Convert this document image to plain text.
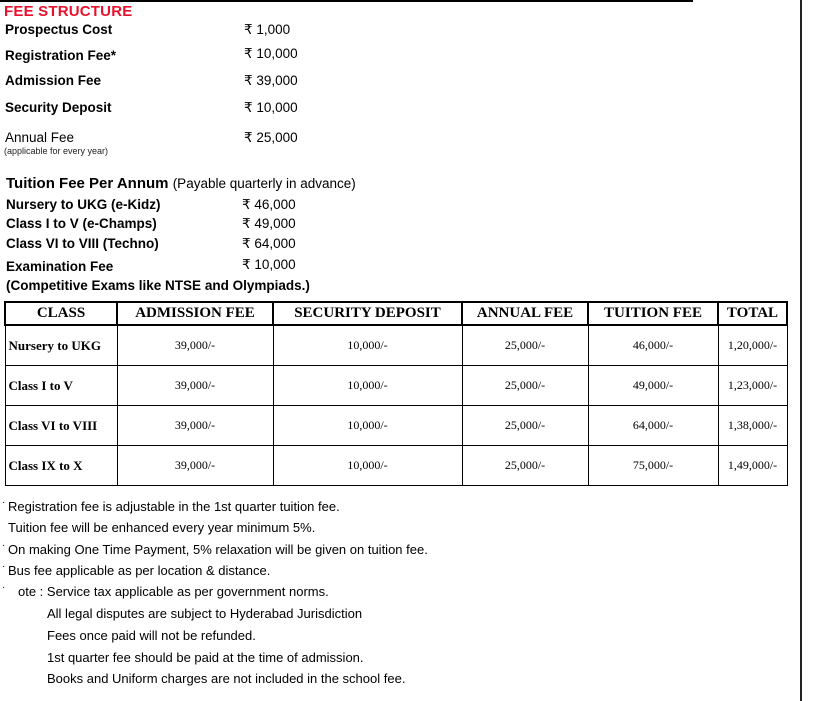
FEE STRUCTURE
Prospectus Cost	₹ 1,000
Registration Fee*	₹ 10,000
Admission Fee	₹ 39,000
Security Deposit	₹ 10,000
Annual Fee	₹ 25,000
(applicable for every year)
Tuition Fee Per Annum (Payable quarterly in advance)
Nursery to UKG (e-Kidz)	₹ 46,000
Class I to V (e-Champs)	₹ 49,000
Class VI to VIII (Techno)	₹ 64,000
Examination Fee	₹ 10,000
(Competitive Exams like NTSE and Olympiads.)
CLASS	ADMISSION FEE	SECURITY DEPOSIT	ANNUAL FEE	TUITION FEE	TOTAL
Nursery to UKG	39,000/-	10,000/-	25,000/-	46,000/-	1,20,000/-
Class I to V	39,000/-	10,000/-	25,000/-	49,000/-	1,23,000/-
Class VI to VIII	39,000/-	10,000/-	25,000/-	64,000/-	1,38,000/-
Class IX to X	39,000/-	10,000/-	25,000/-	75,000/-	1,49,000/-
· Registration fee is adjustable in the 1st quarter tuition fee.
Tuition fee will be enhanced every year minimum 5%.
· On making One Time Payment, 5% relaxation will be given on tuition fee.
· Bus fee applicable as per location & distance.
· ote : Service tax applicable as per government norms.
All legal disputes are subject to Hyderabad Jurisdiction
Fees once paid will not be refunded.
1st quarter fee should be paid at the time of admission.
Books and Uniform charges are not included in the school fee.
